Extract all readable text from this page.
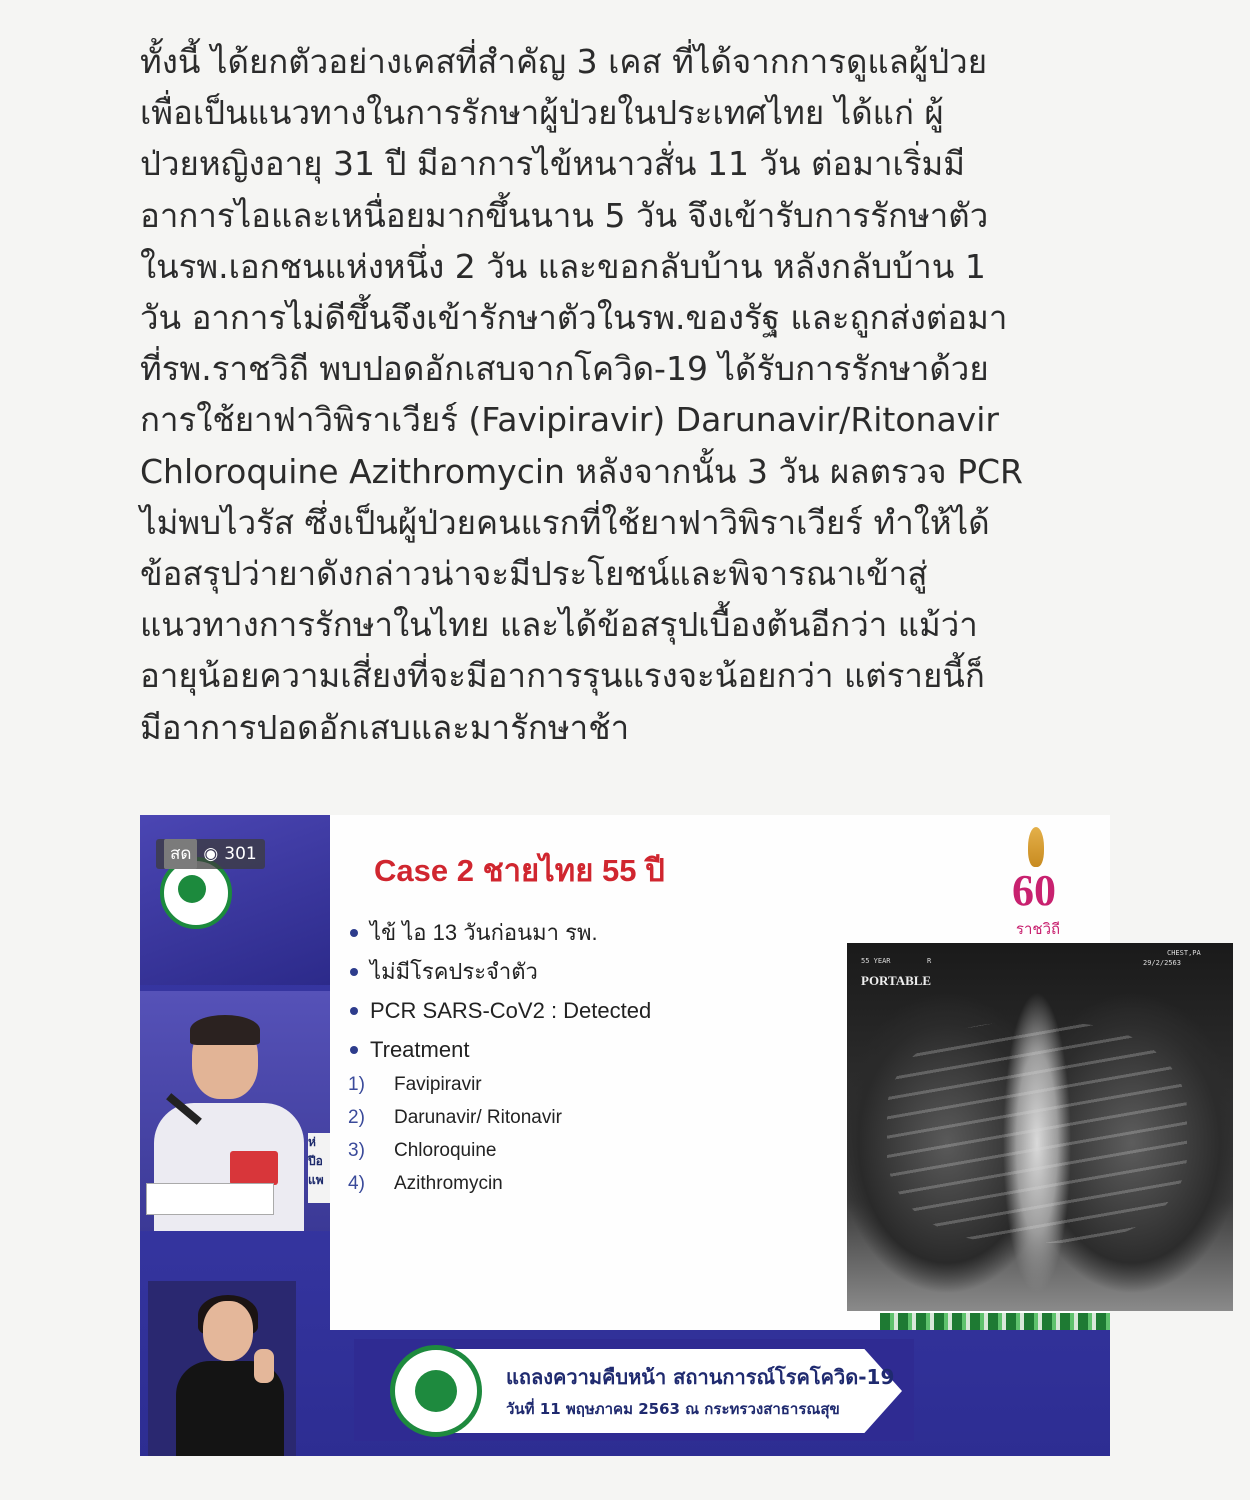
ทั้งนี้ ได้ยกตัวอย่างเคสที่สำคัญ 3 เคส ที่ได้จากการดูแลผู้ป่วย
เพื่อเป็นแนวทางในการรักษาผู้ป่วยในประเทศไทย ได้แก่ ผู้
ป่วยหญิงอายุ 31 ปี มีอาการไข้หนาวสั่น 11 วัน ต่อมาเริ่มมี
อาการไอและเหนื่อยมากขึ้นนาน 5 วัน จึงเข้ารับการรักษาตัว
ในรพ.เอกชนแห่งหนึ่ง 2 วัน และขอกลับบ้าน หลังกลับบ้าน 1
วัน อาการไม่ดีขึ้นจึงเข้ารักษาตัวในรพ.ของรัฐ และถูกส่งต่อมา
ที่รพ.ราชวิถี พบปอดอักเสบจากโควิด-19 ได้รับการรักษาด้วย
การใช้ยาฟาวิพิราเวียร์ (Favipiravir) Darunavir/Ritonavir
Chloroquine Azithromycin หลังจากนั้น 3 วัน ผลตรวจ PCR
ไม่พบไวรัส ซึ่งเป็นผู้ป่วยคนแรกที่ใช้ยาฟาวิพิราเวียร์ ทำให้ได้
ข้อสรุปว่ายาดังกล่าวน่าจะมีประโยชน์และพิจารณาเข้าสู่
แนวทางการรักษาในไทย และได้ข้อสรุปเบื้องต้นอีกว่า แม้ว่า
อายุน้อยความเสี่ยงที่จะมีอาการรุนแรงจะน้อยกว่า แต่รายนี้ก็
มีอาการปอดอักเสบและมารักษาช้า
สด ◉ 301
ห่
ปีอ
แพ
Case 2 ชายไทย 55 ปี
ไข้ ไอ 13 วันก่อนมา รพ.
ไม่มีโรคประจำตัว
PCR SARS-CoV2 : Detected
Treatment
1) Favipiravir
2) Darunavir/ Ritonavir
3) Chloroquine
4) Azithromycin
60
ราชวิถี
55 YEAR	R
PORTABLE
CHEST,PA
29/2/2563
แถลงความคืบหน้า สถานการณ์โรคโควิด-19
วันที่ 11 พฤษภาคม 2563 ณ กระทรวงสาธารณสุข
